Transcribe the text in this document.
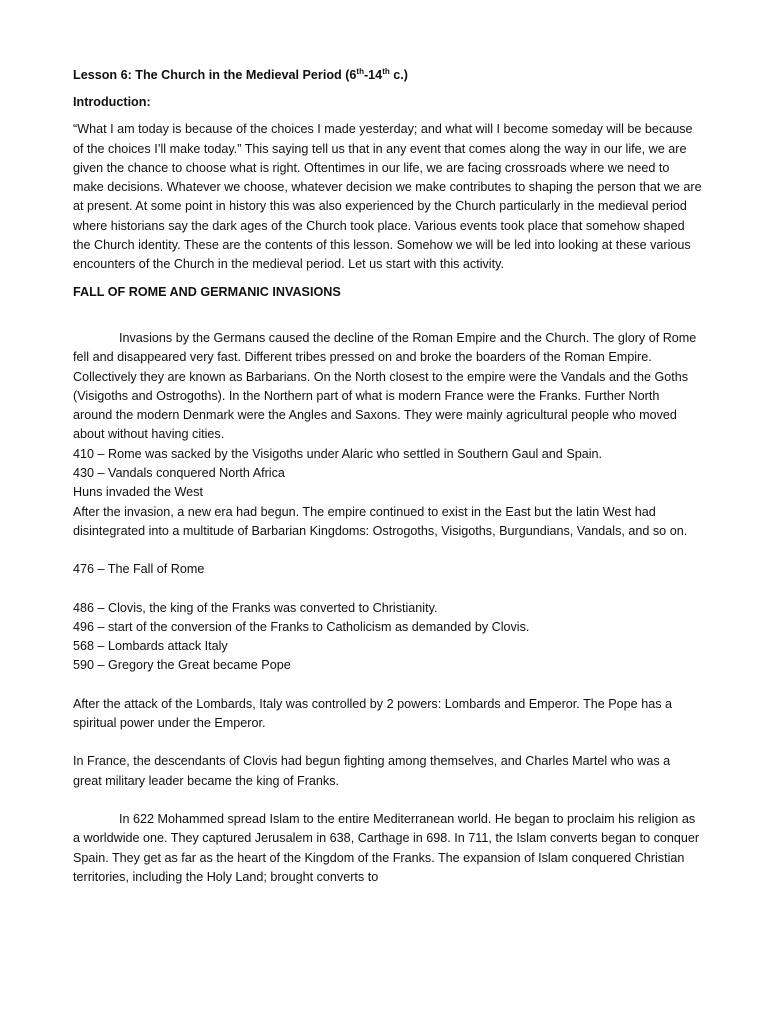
Lesson 6: The Church in the Medieval Period (6th-14th c.)

Introduction:

“What I am today is because of the choices I made yesterday; and what will I become someday will be because of the choices I’ll make today.” This saying tell us that in any event that comes along the way in our life, we are given the chance to choose what is right. Oftentimes in our life, we are facing crossroads where we need to make decisions. Whatever we choose, whatever decision we make contributes to shaping the person that we are at present. At some point in history this was also experienced by the Church particularly in the medieval period where historians say the dark ages of the Church took place. Various events took place that somehow shaped the Church identity. These are the contents of this lesson. Somehow we will be led into looking at these various encounters of the Church in the medieval period. Let us start with this activity.

FALL OF ROME AND GERMANIC INVASIONS

Invasions by the Germans caused the decline of the Roman Empire and the Church. The glory of Rome fell and disappeared very fast. Different tribes pressed on and broke the boarders of the Roman Empire. Collectively they are known as Barbarians. On the North closest to the empire were the Vandals and the Goths (Visigoths and Ostrogoths). In the Northern part of what is modern France were the Franks. Further North around the modern Denmark were the Angles and Saxons. They were mainly agricultural people who moved about without having cities.

410 – Rome was sacked by the Visigoths under Alaric who settled in Southern Gaul and Spain.

430 – Vandals conquered North Africa

Huns invaded the West

After the invasion, a new era had begun. The empire continued to exist in the East but the latin West had disintegrated into a multitude of Barbarian Kingdoms: Ostrogoths, Visigoths, Burgundians, Vandals, and so on.

476 – The Fall of Rome

486 – Clovis, the king of the Franks was converted to Christianity.

496 – start of the conversion of the Franks to Catholicism as demanded by Clovis.

568 – Lombards attack Italy

590 – Gregory the Great became Pope

After the attack of the Lombards, Italy was controlled by 2 powers: Lombards and Emperor. The Pope has a spiritual power under the Emperor.

In France, the descendants of Clovis had begun fighting among themselves, and Charles Martel who was a great military leader became the king of Franks.

In 622 Mohammed spread Islam to the entire Mediterranean world. He began to proclaim his religion as a worldwide one. They captured Jerusalem in 638, Carthage in 698. In 711, the Islam converts began to conquer Spain. They get as far as the heart of the Kingdom of the Franks. The expansion of Islam conquered Christian territories, including the Holy Land; brought converts to
